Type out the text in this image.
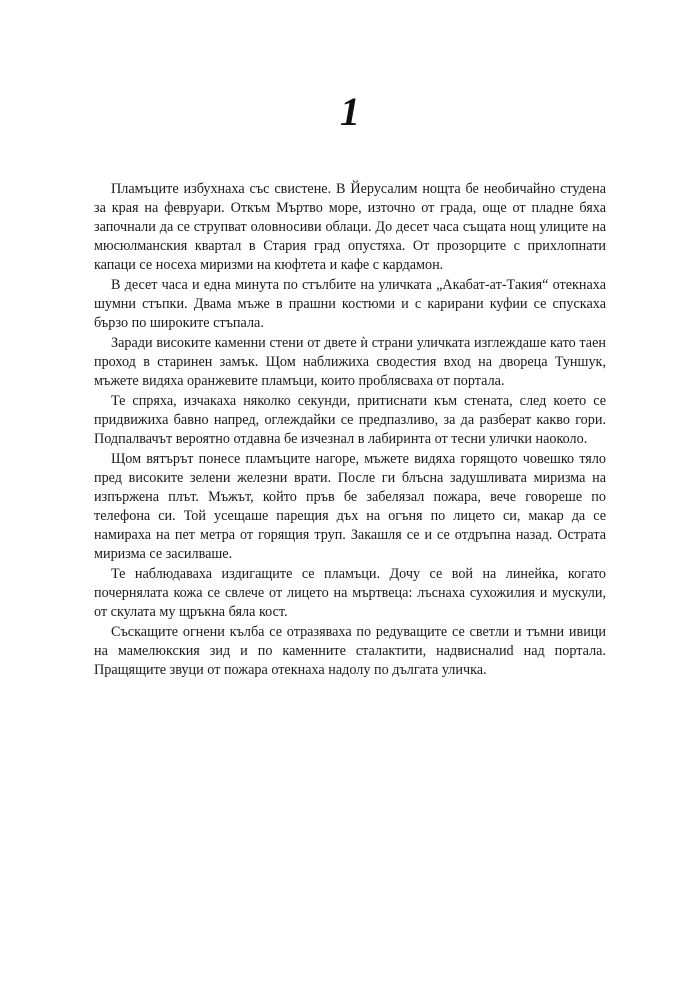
1

Пламъците избухнаха със свистене. В Йерусалим нощта бе необичайно студена за края на февруари. Откъм Мъртво море, източно от града, още от пладне бяха започнали да се струпват оловносиви облаци. До десет часа същата нощ улиците на мюсюлманския квартал в Стария град опустяха. От прозорците с прихлопнати капаци се носеха миризми на кюфтета и кафе с кардамон.

В десет часа и една минута по стълбите на уличката „Акабат-ат-Такия“ отекнаха шумни стъпки. Двама мъже в прашни костюми и с карирани куфии се спускаха бързо по широките стъпала.

Заради високите каменни стени от двете ѝ страни уличката изглеждаше като таен проход в старинен замък. Щом наближиха сводестия вход на двореца Туншук, мъжете видяха оранжевите пламъци, които проблясваха от портала.

Те спряха, изчакаха няколко секунди, притиснати към стената, след което се придвижиха бавно напред, оглеждайки се предпазливо, за да разберат какво гори. Подпалвачът вероятно отдавна бе изчезнал в лабиринта от тесни улички наоколо.

Щом вятърът понесе пламъците нагоре, мъжете видяха горящото човешко тяло пред високите зелени железни врати. После ги блъсна задушливата миризма на изпържена плът. Мъжът, който пръв бе забелязал пожара, вече говореше по телефона си. Той усещаше парещия дъх на огъня по лицето си, макар да се намираха на пет метра от горящия труп. Закашля се и се отдръпна назад. Острата миризма се засилваше.

Те наблюдаваха издигащите се пламъци. Дочу се вой на линейка, когато почернялата кожа се свлече от лицето на мъртвеца: лъснаха сухожилия и мускули, от скулата му щръкна бяла кост.

Съскащите огнени кълба се отразяваха по редуващите се светли и тъмни ивици на мамелюкския зид и по каменните сталактити, надвисналиd над портала. Пращящите звуци от пожара отекнаха надолу по дългата уличка.
